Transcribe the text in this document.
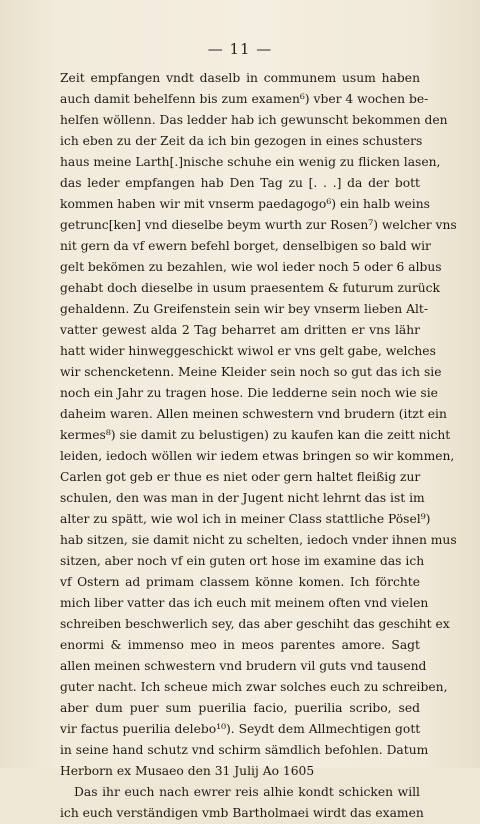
— 11 —
Zeit empfangen vndt daselb in communem usum haben
auch damit behelfenn bis zum examen⁶) vber 4 wochen be-
helfen wöllenn. Das ledder hab ich gewunscht bekommen den
ich eben zu der Zeit da ich bin gezogen in eines schusters
haus meine Larth[.]nische schuhe ein wenig zu flicken lasen,
das leder empfangen hab Den Tag zu [. . .] da der bott
kommen haben wir mit vnserm paedagogo⁶) ein halb weins
getrunc[ken] vnd dieselbe beym wurth zur Rosen⁷) welcher vns
nit gern da vf ewern befehl borget, denselbigen so bald wir
gelt bekömen zu bezahlen, wie wol ieder noch 5 oder 6 albus
gehabt doch dieselbe in usum praesentem & futurum zurück
gehaldenn. Zu Greifenstein sein wir bey vnserm lieben Alt-
vatter gewest alda 2 Tag beharret am dritten er vns lähr
hatt wider hinweggeschickt wiwol er vns gelt gabe, welches
wir schencketenn. Meine Kleider sein noch so gut das ich sie
noch ein Jahr zu tragen hose. Die ledderne sein noch wie sie
daheim waren. Allen meinen schwestern vnd brudern (itzt ein
kermes⁸) sie damit zu belustigen) zu kaufen kan die zeitt nicht
leiden, iedoch wöllen wir iedem etwas bringen so wir kommen,
Carlen got geb er thue es niet oder gern haltet fleißig zur
schulen, den was man in der Jugent nicht lehrnt das ist im
alter zu spätt, wie wol ich in meiner Class stattliche Pösel⁹)
hab sitzen, sie damit nicht zu schelten, iedoch vnder ihnen mus
sitzen, aber noch vf ein guten ort hose im examine das ich
vf Ostern ad primam classem könne komen. Ich förchte
mich liber vatter das ich euch mit meinem often vnd vielen
schreiben beschwerlich sey, das aber geschiht das geschiht ex
enormi & immenso meo in meos parentes amore. Sagt
allen meinen schwestern vnd brudern vil guts vnd tausend
guter nacht. Ich scheue mich zwar solches euch zu schreiben,
aber dum puer sum puerilia facio, puerilia scribo, sed
vir factus puerilia delebo¹⁰). Seydt dem Allmechtigen gott
in seine hand schutz vnd schirm sämdlich befohlen. Datum
Herborn ex Musaeo den 31 Julij Ao 1605
Das ihr euch nach ewrer reis alhie kondt schicken will
ich euch verständigen vmb Bartholmaei wirdt das examen
